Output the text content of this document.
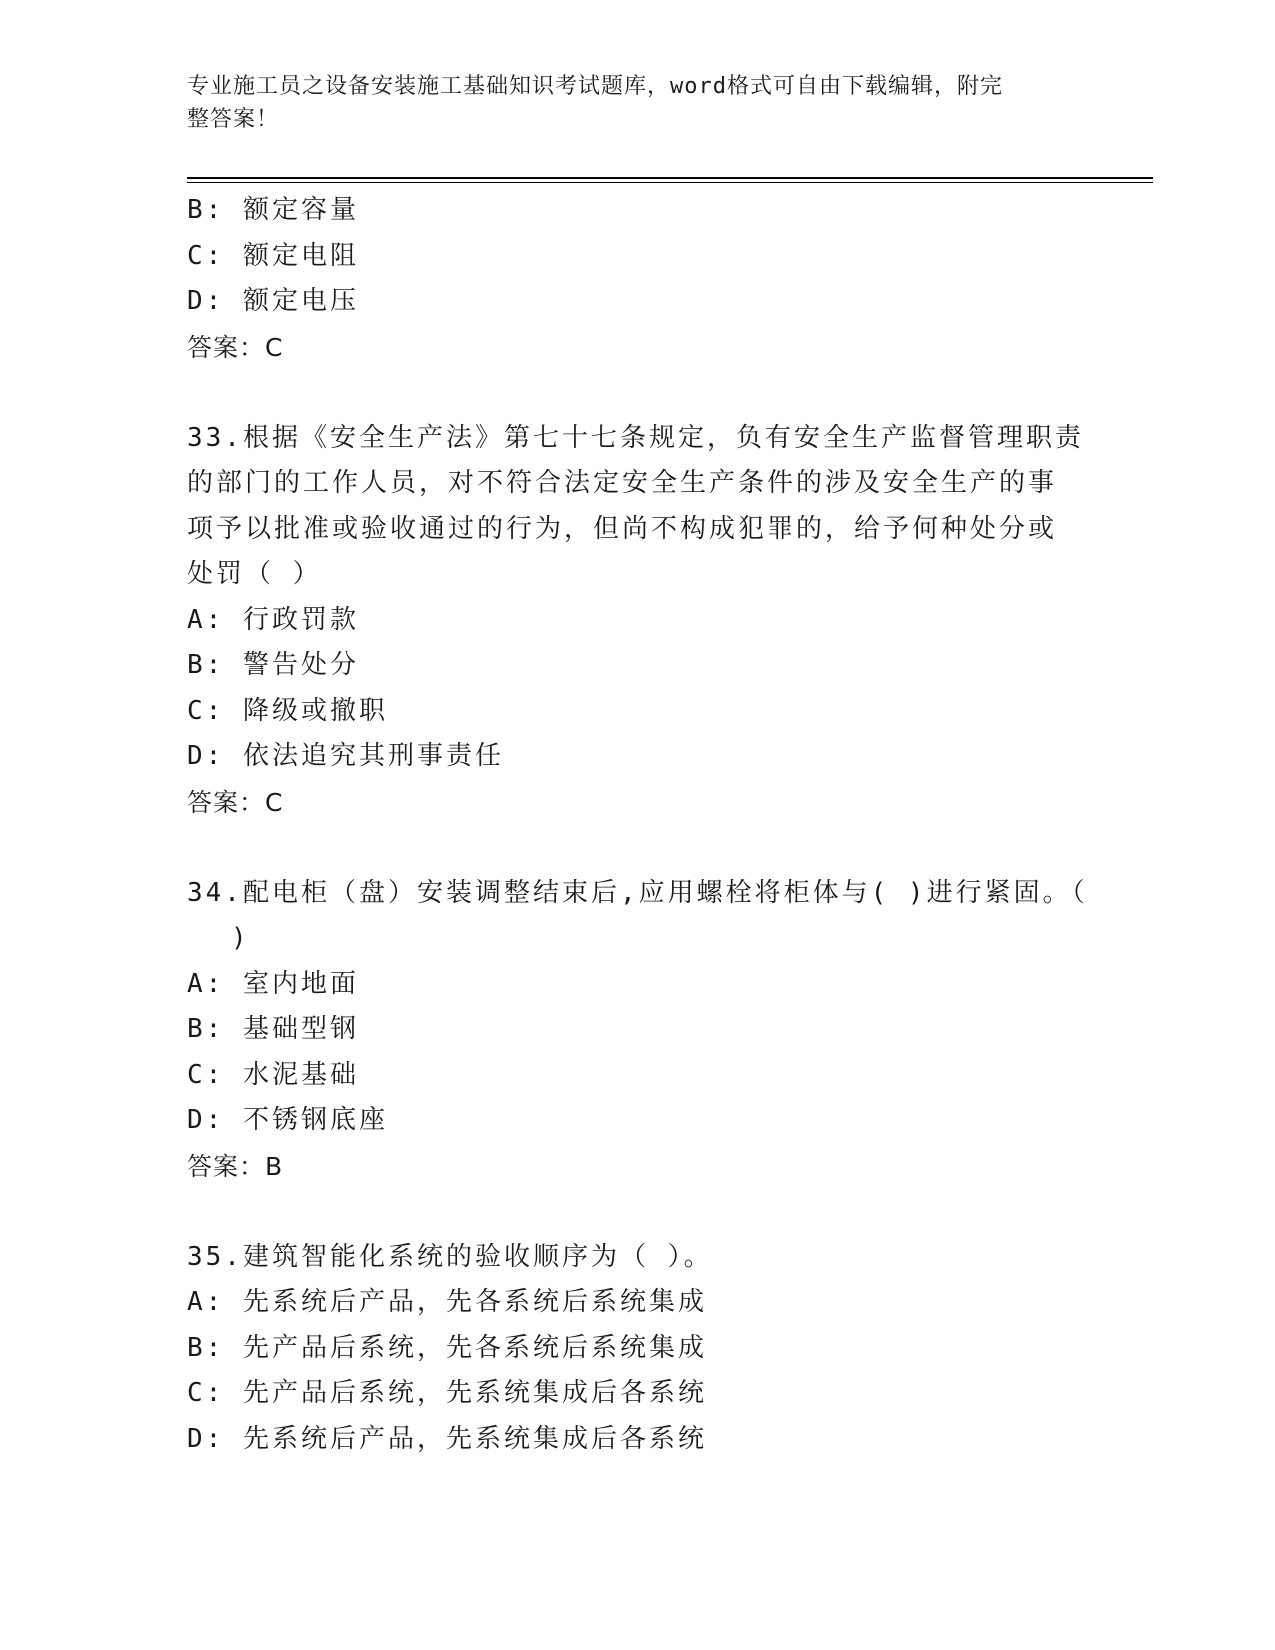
专业施工员之设备安装施工基础知识考试题库，word格式可自由下载编辑，附完
整答案！
B: 额定容量
C: 额定电阻
D: 额定电压
答案：C
33.根据《安全生产法》第七十七条规定，负有安全生产监督管理职责
的部门的工作人员，对不符合法定安全生产条件的涉及安全生产的事
项予以批准或验收通过的行为，但尚不构成犯罪的，给予何种处分或
处罚（ ）
A: 行政罚款
B: 警告处分
C: 降级或撤职
D: 依法追究其刑事责任
答案：C
34.配电柜（盘）安装调整结束后,应用螺栓将柜体与( )进行紧固。（
)
A: 室内地面
B: 基础型钢
C: 水泥基础
D: 不锈钢底座
答案：B
35.建筑智能化系统的验收顺序为（ ）。
A: 先系统后产品，先各系统后系统集成
B: 先产品后系统，先各系统后系统集成
C: 先产品后系统，先系统集成后各系统
D: 先系统后产品，先系统集成后各系统
